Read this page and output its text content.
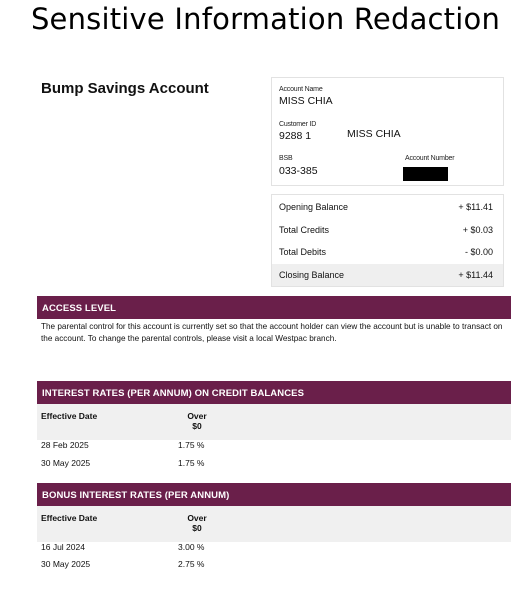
Sensitive Information Redaction
Bump Savings Account	Account Name
MISS CHIA
Customer ID
9288 1	MISS CHIA
BSB
033-385
Account Number
Opening Balance	+ $11.41
Total Credits	+ $0.03
Total Debits	- $0.00
Closing Balance	+ $11.44
ACCESS LEVEL
The parental control for this account is currently set so that the account holder can view the account but is unable to transact on the account. To change the parental controls, please visit a local Westpac branch.
INTEREST RATES (PER ANNUM) ON CREDIT BALANCES
Effective Date	Over
$0
28 Feb 2025	1.75 %
30 May 2025	1.75 %
BONUS INTEREST RATES (PER ANNUM)
Effective Date	Over
$0
16 Jul 2024	3.00 %
30 May 2025	2.75 %
